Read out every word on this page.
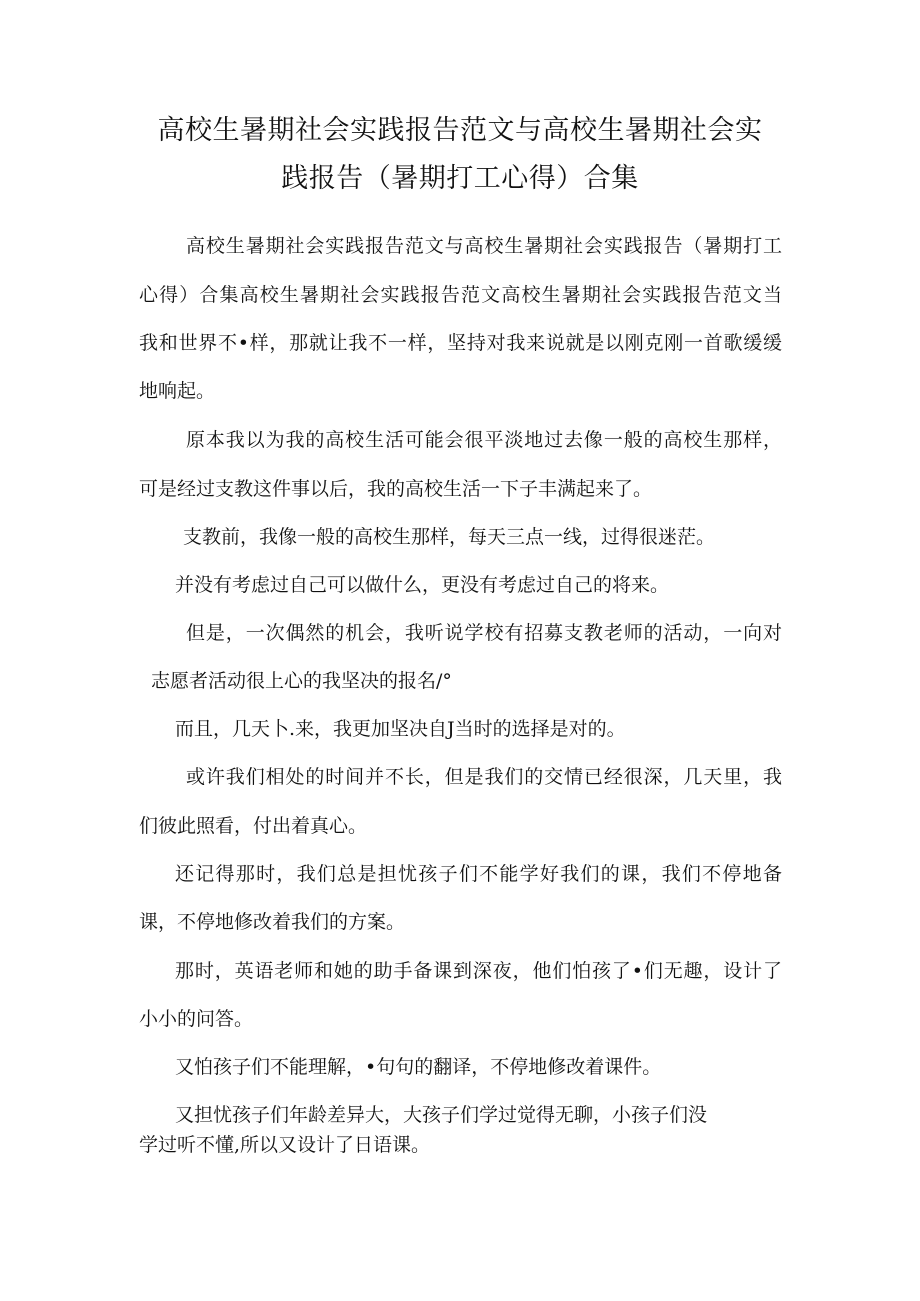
高校生暑期社会实践报告范文与高校生暑期社会实
践报告（暑期打工心得）合集
高校生暑期社会实践报告范文与高校生暑期社会实践报告（暑期打工
心得）合集高校生暑期社会实践报告范文高校生暑期社会实践报告范文当
我和世界不•样，那就让我不一样，坚持对我来说就是以刚克刚一首歌缓缓
地响起。
原本我以为我的高校生活可能会很平淡地过去像一般的高校生那样，
可是经过支教这件事以后，我的高校生活一下子丰满起来了。
支教前，我像一般的高校生那样，每天三点一线，过得很迷茫。
并没有考虑过自己可以做什么，更没有考虑过自己的将来。
但是，一次偶然的机会，我听说学校有招募支教老师的活动，一向对
志愿者活动很上心的我坚决的报名/°
而且，几天卜.来，我更加坚决自J当时的选择是对的。
或许我们相处的时间并不长，但是我们的交情已经很深，几天里，我
们彼此照看，付出着真心。
还记得那时，我们总是担忧孩子们不能学好我们的课，我们不停地备
课，不停地修改着我们的方案。
那时，英语老师和她的助手备课到深夜，他们怕孩了•们无趣，设计了
小小的问答。
又怕孩子们不能理解，•句句的翻译，不停地修改着课件。
又担忧孩子们年龄差异大，大孩子们学过觉得无聊，小孩子们没
学过听不懂,所以又设计了日语课。
